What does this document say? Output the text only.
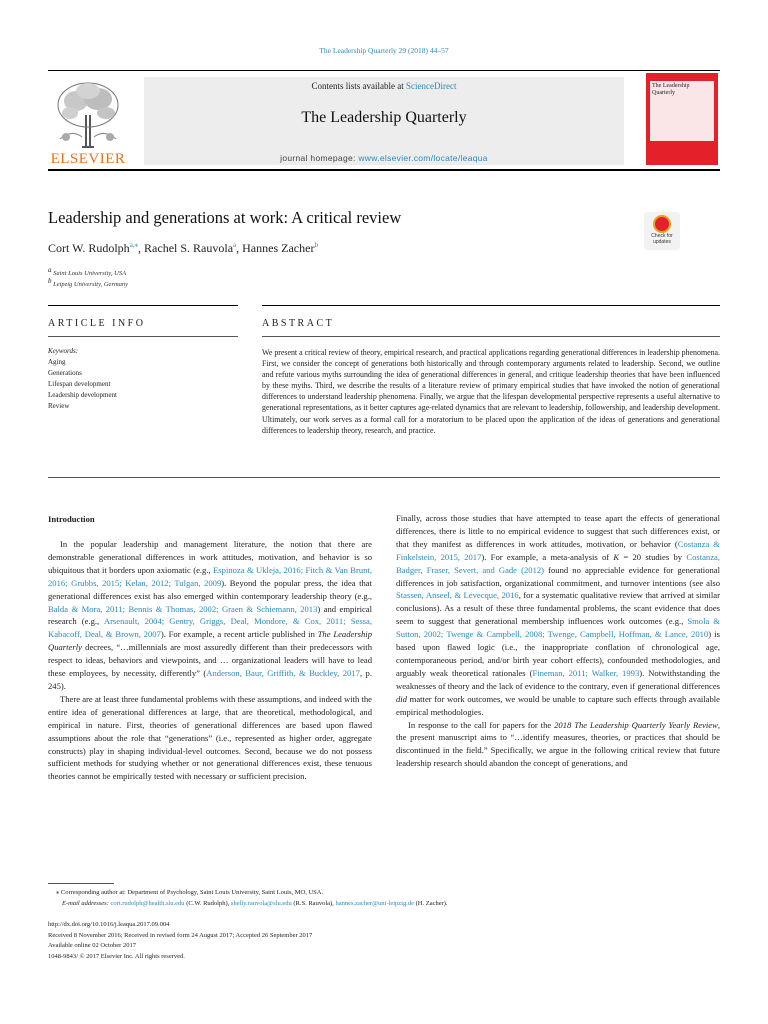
The Leadership Quarterly 29 (2018) 44–57
ELSEVIER
Contents lists available at ScienceDirect
The Leadership Quarterly
journal homepage: www.elsevier.com/locate/leaqua
The Leadership Quarterly
Leadership and generations at work: A critical review
Cort W. Rudolph$^{a,⁎}$, Rachel S. Rauvola$^a$, Hannes Zacher$^b$
a Saint Louis University, USA
b Leipzig University, Germany
Check for updates
ARTICLE INFO	ABSTRACT
Keywords:
Aging
Generations
Lifespan development
Leadership development
Review
We present a critical review of theory, empirical research, and practical applications regarding generational differences in leadership phenomena. First, we consider the concept of generations both historically and through contemporary arguments related to leadership. Second, we outline and refute various myths surrounding the idea of generational differences in general, and critique leadership theories that have been influenced by these myths. Third, we describe the results of a literature review of primary empirical studies that have invoked the notion of generational differences to understand leadership phenomena. Finally, we argue that the lifespan developmental perspective represents a useful alternative to generational representations, as it better captures age-related dynamics that are relevant to leadership, followership, and leadership development. Ultimately, our work serves as a formal call for a moratorium to be placed upon the application of the ideas of generations and generational differences to leadership theory, research, and practice.
Introduction

In the popular leadership and management literature, the notion that there are demonstrable generational differences in work attitudes, motivation, and behavior is so ubiquitous that it borders upon axiomatic (e.g., Espinoza & Ukleja, 2016; Fitch & Van Brunt, 2016; Grubbs, 2015; Kelan, 2012; Tulgan, 2009). Beyond the popular press, the idea that generational differences exist has also emerged within contemporary leadership theory (e.g., Balda & Mora, 2011; Bennis & Thomas, 2002; Graen & Schiemann, 2013) and empirical research (e.g., Arsenault, 2004; Gentry, Griggs, Deal, Mondore, & Cox, 2011; Sessa, Kabacoff, Deal, & Brown, 2007). For example, a recent article published in The Leadership Quarterly decrees, “…millennials are most assuredly different than their predecessors with respect to ideas, behaviors and viewpoints, and … organizational leaders will have to lead these employees, by necessity, differently” (Anderson, Baur, Griffith, & Buckley, 2017, p. 245).

There are at least three fundamental problems with these assumptions, and indeed with the entire idea of generational differences at large, that are theoretical, methodological, and empirical in nature. First, theories of generational differences are based upon flawed assumptions about the role that “generations” (i.e., represented as higher order, aggregate constructs) play in shaping individual-level outcomes. Second, because we do not possess sufficient methods for studying whether or not generational differences exist, these tenuous theories cannot be empirically tested with necessary or sufficient precision.

Finally, across those studies that have attempted to tease apart the effects of generational differences, there is little to no empirical evidence to suggest that such differences exist, or that they manifest as differences in work attitudes, motivation, or behavior (Costanza & Finkelstein, 2015, 2017). For example, a meta-analysis of K = 20 studies by Costanza, Badger, Fraser, Severt, and Gade (2012) found no appreciable evidence for generational differences in job satisfaction, organizational commitment, and turnover intentions (see also Stassen, Anseel, & Levecque, 2016, for a systematic qualitative review that arrived at similar conclusions). As a result of these three fundamental problems, the scant evidence that does seem to suggest that generational membership influences work outcomes (e.g., Smola & Sutton, 2002; Twenge & Campbell, 2008; Twenge, Campbell, Hoffman, & Lance, 2010) is based upon flawed logic (i.e., the inappropriate conflation of chronological age, contemporaneous period, and/or birth year cohort effects), confounded methodologies, and arguably weak theoretical rationales (Fineman, 2011; Walker, 1993). Notwithstanding the weaknesses of theory and the lack of evidence to the contrary, even if generational differences did matter for work outcomes, we would be unable to capture such effects through available empirical methodologies.

In response to the call for papers for the 2018 The Leadership Quarterly Yearly Review, the present manuscript aims to “…identify measures, theories, or practices that should be discontinued in the field.” Specifically, we argue in the following critical review that future leadership research should abandon the concept of generations, and

⁎ Corresponding author at: Department of Psychology, Saint Louis University, Saint Louis, MO, USA.
E-mail addresses: cort.rudolph@health.slu.edu (C.W. Rudolph), shelly.rauvola@slu.edu (R.S. Rauvola), hannes.zacher@uni-leipzig.de (H. Zacher).
http://dx.doi.org/10.1016/j.leaqua.2017.09.004
Received 8 November 2016; Received in revised form 24 August 2017; Accepted 26 September 2017
Available online 02 October 2017
1048-9843/ © 2017 Elsevier Inc. All rights reserved.
